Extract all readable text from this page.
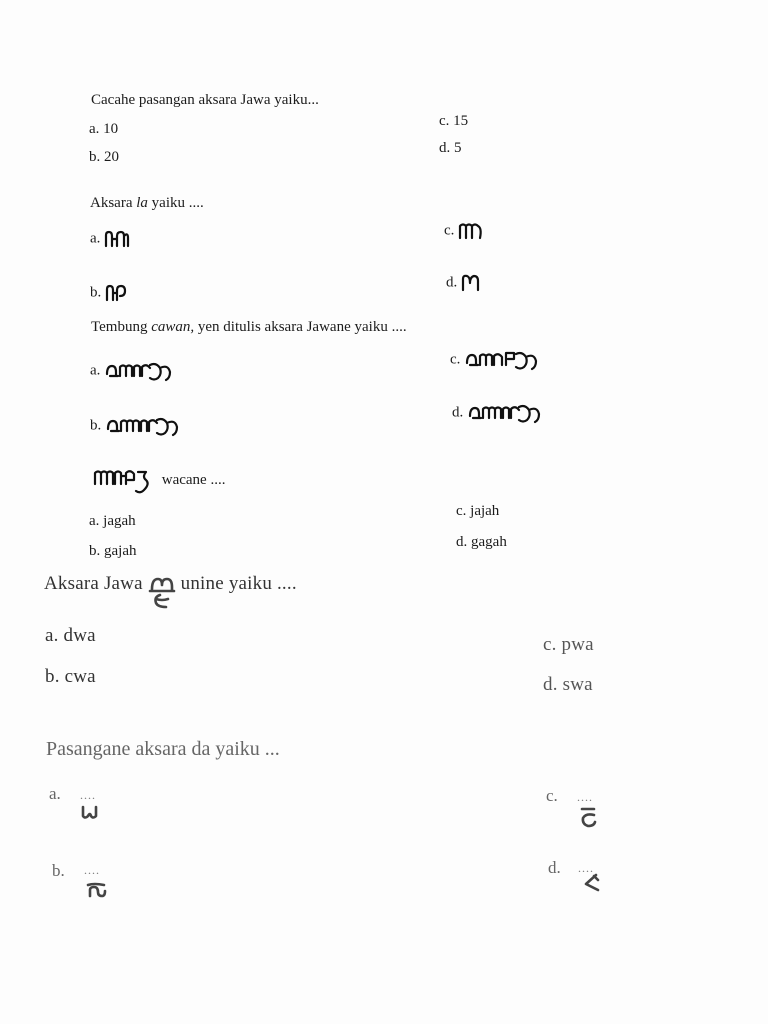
Cacahe pasangan aksara Jawa yaiku...
a. 10
b. 20
c. 15
d. 5
Aksara la yaiku ....
a.
b.
c.
d.
Tembung cawan, yen ditulis aksara Jawane yaiku ....
a.
b.
c.
d.
wacane ....
a. jagah
b. gajah
c. jajah
d. gagah
Aksara Jawa
unine yaiku ....
a. dwa
b. cwa
c. pwa
d. swa
Pasangane aksara da yaiku ...
a. ....
b. ....
c. ....
d. ....
